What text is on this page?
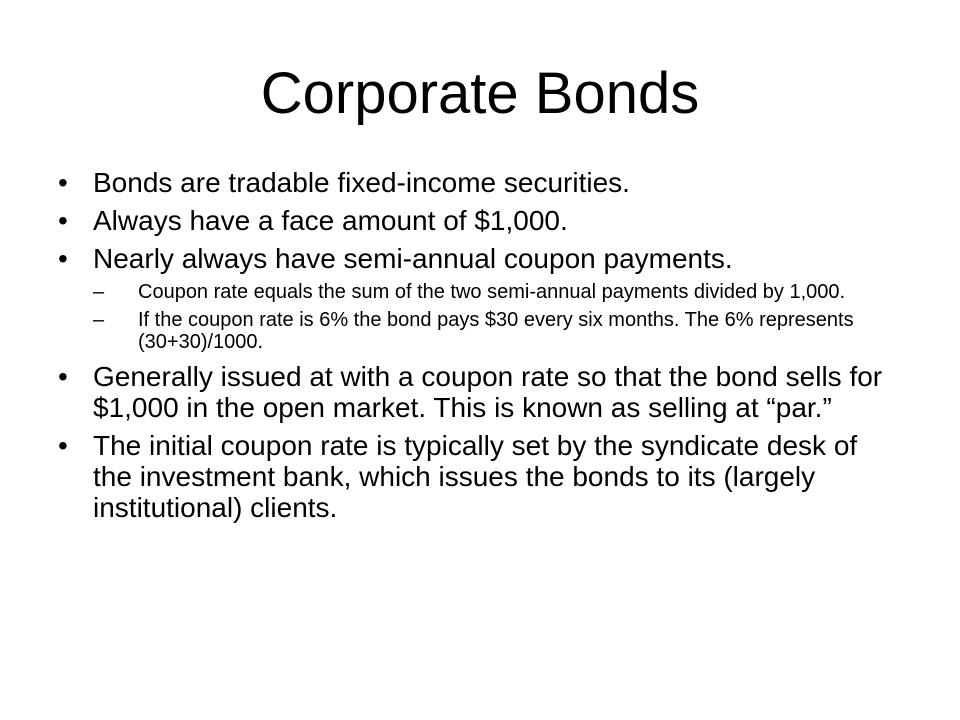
Corporate Bonds
• Bonds are tradable fixed-income securities.
• Always have a face amount of $1,000.
• Nearly always have semi-annual coupon payments.
– Coupon rate equals the sum of the two semi-annual payments divided by 1,000.
– If the coupon rate is 6% the bond pays $30 every six months. The 6% represents (30+30)/1000.
• Generally issued at with a coupon rate so that the bond sells for $1,000 in the open market. This is known as selling at “par.”
• The initial coupon rate is typically set by the syndicate desk of the investment bank, which issues the bonds to its (largely institutional) clients.
